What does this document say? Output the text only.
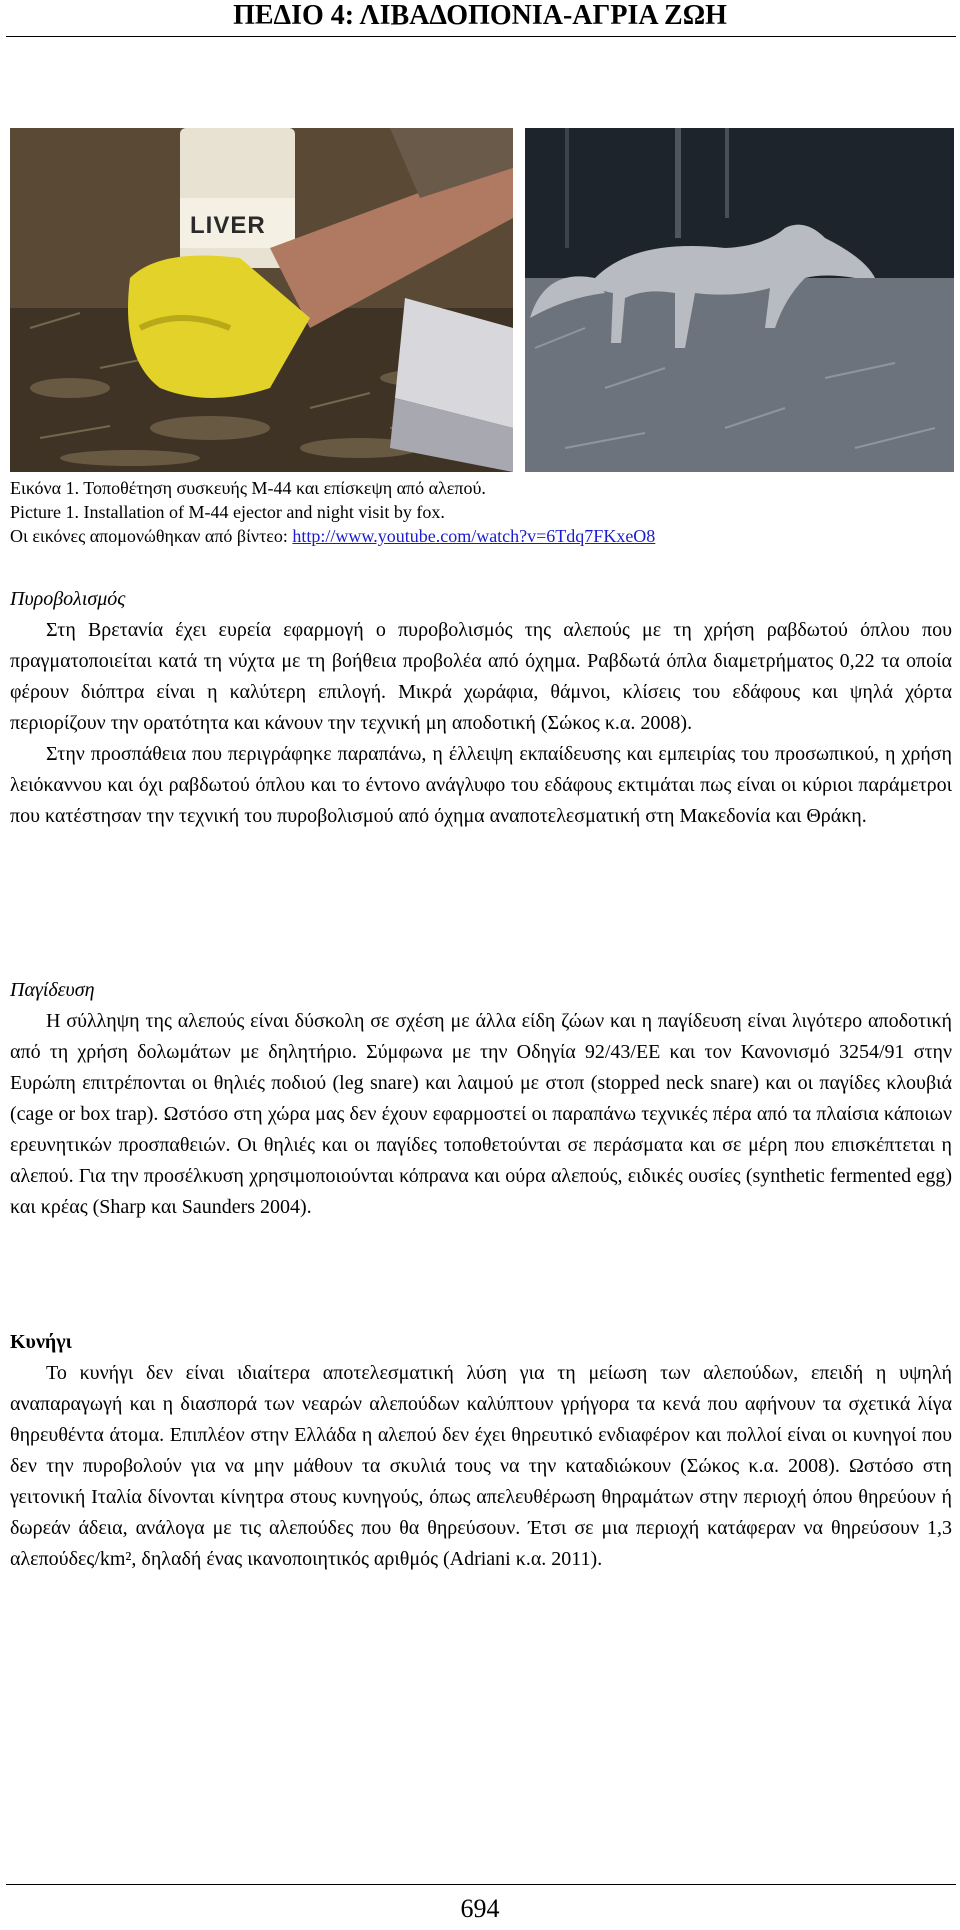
ΠΕΔΙΟ 4: ΛΙΒΑΔΟΠΟΝΙΑ-ΑΓΡΙΑ ΖΩΗ
LIVER
Εικόνα 1. Τοποθέτηση συσκευής Μ-44 και επίσκεψη από αλεπού.
Picture 1. Installation of M-44 ejector and night visit by fox.
Οι εικόνες απομονώθηκαν από βίντεο: http://www.youtube.com/watch?v=6Tdq7FKxeO8
Πυροβολισμός

Στη Βρετανία έχει ευρεία εφαρμογή ο πυροβολισμός της αλεπούς με τη χρήση ραβδωτού όπλου που πραγματοποιείται κατά τη νύχτα με τη βοήθεια προβολέα από όχημα. Ραβδωτά όπλα διαμετρήματος 0,22 τα οποία φέρουν διόπτρα είναι η καλύτερη επιλογή. Μικρά χωράφια, θάμνοι, κλίσεις του εδάφους και ψηλά χόρτα περιορίζουν την ορατότητα και κάνουν την τεχνική μη αποδοτική (Σώκος κ.α. 2008).

Στην προσπάθεια που περιγράφηκε παραπάνω, η έλλειψη εκπαίδευσης και εμπειρίας του προσωπικού, η χρήση λειόκαννου και όχι ραβδωτού όπλου και το έντονο ανάγλυφο του εδάφους εκτιμάται πως είναι οι κύριοι παράμετροι που κατέστησαν την τεχνική του πυροβολισμού από όχημα αναποτελεσματική στη Μακεδονία και Θράκη.

Παγίδευση

Η σύλληψη της αλεπούς είναι δύσκολη σε σχέση με άλλα είδη ζώων και η παγίδευση είναι λιγότερο αποδοτική από τη χρήση δολωμάτων με δηλητήριο. Σύμφωνα με την Οδηγία 92/43/ΕΕ και τον Κανονισμό 3254/91 στην Ευρώπη επιτρέπονται οι θηλιές ποδιού (leg snare) και λαιμού με στοπ (stopped neck snare) και οι παγίδες κλουβιά (cage or box trap). Ωστόσο στη χώρα μας δεν έχουν εφαρμοστεί οι παραπάνω τεχνικές πέρα από τα πλαίσια κάποιων ερευνητικών προσπαθειών. Οι θηλιές και οι παγίδες τοποθετούνται σε περάσματα και σε μέρη που επισκέπτεται η αλεπού. Για την προσέλκυση χρησιμοποιούνται κόπρανα και ούρα αλεπούς, ειδικές ουσίες (synthetic fermented egg) και κρέας (Sharp και Saunders 2004).

Κυνήγι

Το κυνήγι δεν είναι ιδιαίτερα αποτελεσματική λύση για τη μείωση των αλεπούδων, επειδή η υψηλή αναπαραγωγή και η διασπορά των νεαρών αλεπούδων καλύπτουν γρήγορα τα κενά που αφήνουν τα σχετικά λίγα θηρευθέντα άτομα. Επιπλέον στην Ελλάδα η αλεπού δεν έχει θηρευτικό ενδιαφέρον και πολλοί είναι οι κυνηγοί που δεν την πυροβολούν για να μην μάθουν τα σκυλιά τους να την καταδιώκουν (Σώκος κ.α. 2008). Ωστόσο στη γειτονική Ιταλία δίνονται κίνητρα στους κυνηγούς, όπως απελευθέρωση θηραμάτων στην περιοχή όπου θηρεύουν ή δωρεάν άδεια, ανάλογα με τις αλεπούδες που θα θηρεύσουν. Έτσι σε μια περιοχή κατάφεραν να θηρεύσουν 1,3 αλεπούδες/km², δηλαδή ένας ικανοποιητικός αριθμός (Adriani κ.α. 2011).

694
